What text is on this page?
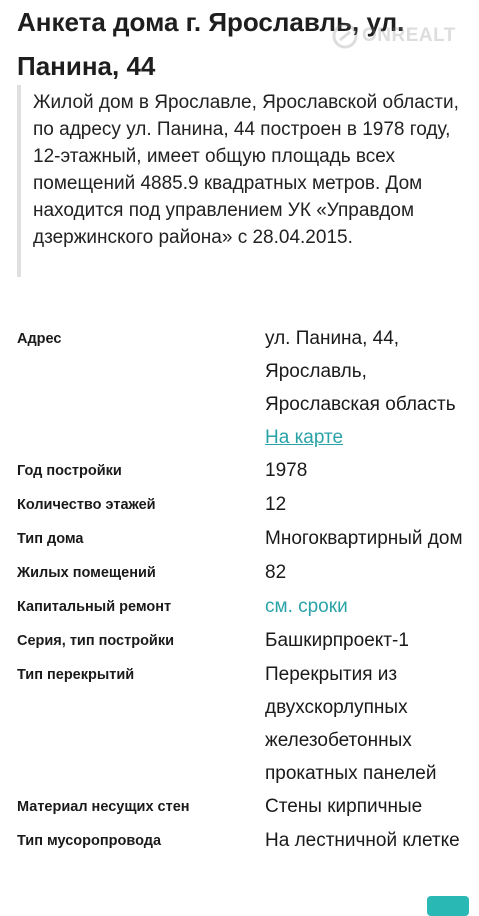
Анкета дома г. Ярославль, ул. Панина, 44
ONREALT
Жилой дом в Ярославле, Ярославской области, по адресу ул. Панина, 44 построен в 1978 году, 12-этажный, имеет общую площадь всех помещений 4885.9 квадратных метров. Дом находится под управлением УК «Управдом дзержинского района» с 28.04.2015.
Адрес	ул. Панина, 44, Ярославль, Ярославская область   На карте
Год постройки	1978
Количество этажей	12
Тип дома	Многоквартирный дом
Жилых помещений	82
Капитальный ремонт	см. сроки
Серия, тип постройки	Башкирпроект-1
Тип перекрытий	Перекрытия из двухскорлупных железобетонных прокатных панелей
Материал несущих стен	Стены кирпичные
Тип мусоропровода	На лестничной клетке
